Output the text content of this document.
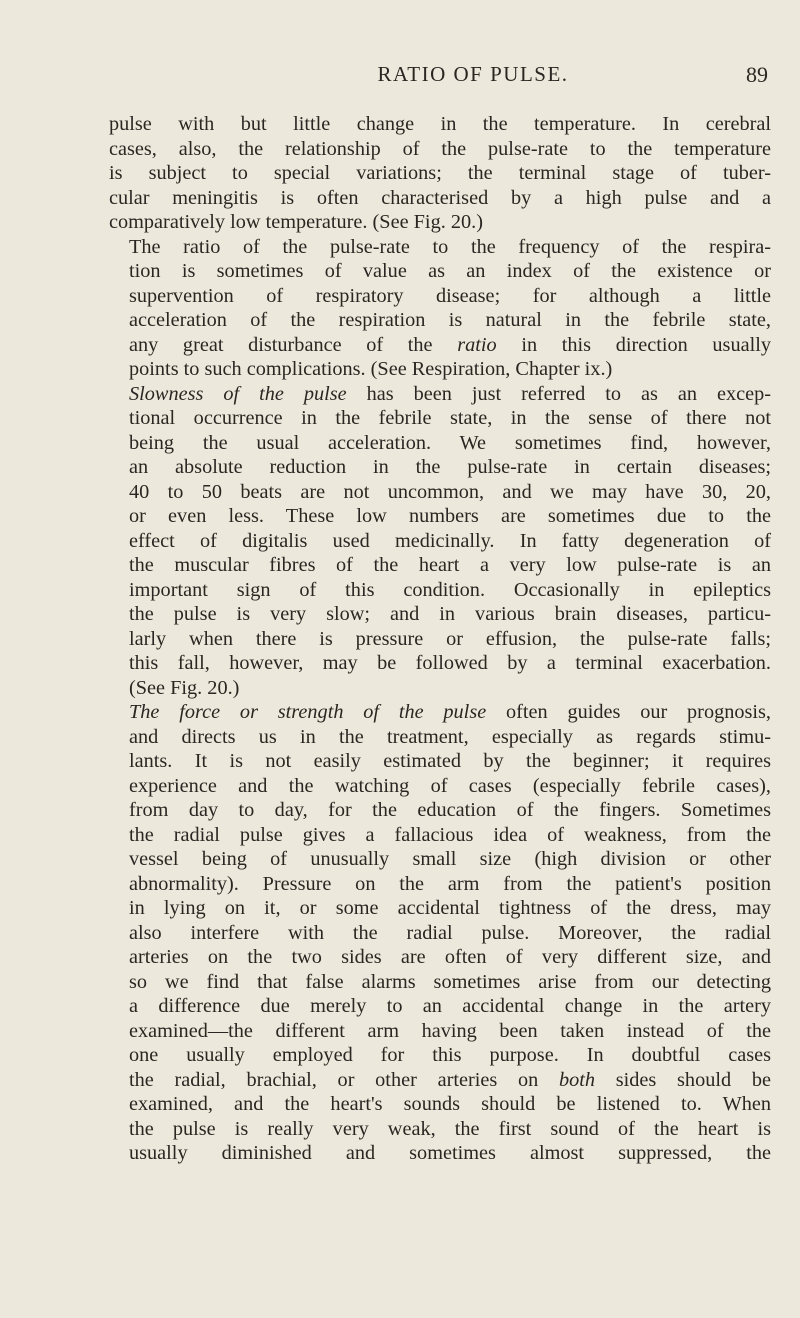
RATIO OF PULSE.	89
pulse with but little change in the temperature. In cerebral
cases, also, the relationship of the pulse-rate to the temperature
is subject to special variations; the terminal stage of tuber-
cular meningitis is often characterised by a high pulse and a
comparatively low temperature. (See Fig. 20.)
The ratio of the pulse-rate to the frequency of the respira-
tion is sometimes of value as an index of the existence or
supervention of respiratory disease; for although a little
acceleration of the respiration is natural in the febrile state,
any great disturbance of the ratio in this direction usually
points to such complications. (See Respiration, Chapter ix.)
Slowness of the pulse has been just referred to as an excep-
tional occurrence in the febrile state, in the sense of there not
being the usual acceleration. We sometimes find, however,
an absolute reduction in the pulse-rate in certain diseases;
40 to 50 beats are not uncommon, and we may have 30, 20,
or even less. These low numbers are sometimes due to the
effect of digitalis used medicinally. In fatty degeneration of
the muscular fibres of the heart a very low pulse-rate is an
important sign of this condition. Occasionally in epileptics
the pulse is very slow; and in various brain diseases, particu-
larly when there is pressure or effusion, the pulse-rate falls;
this fall, however, may be followed by a terminal exacerbation.
(See Fig. 20.)
The force or strength of the pulse often guides our prognosis,
and directs us in the treatment, especially as regards stimu-
lants. It is not easily estimated by the beginner; it requires
experience and the watching of cases (especially febrile cases),
from day to day, for the education of the fingers. Sometimes
the radial pulse gives a fallacious idea of weakness, from the
vessel being of unusually small size (high division or other
abnormality). Pressure on the arm from the patient's position
in lying on it, or some accidental tightness of the dress, may
also interfere with the radial pulse. Moreover, the radial
arteries on the two sides are often of very different size, and
so we find that false alarms sometimes arise from our detecting
a difference due merely to an accidental change in the artery
examined—the different arm having been taken instead of the
one usually employed for this purpose. In doubtful cases
the radial, brachial, or other arteries on both sides should be
examined, and the heart's sounds should be listened to. When
the pulse is really very weak, the first sound of the heart is
usually diminished and sometimes almost suppressed, the
